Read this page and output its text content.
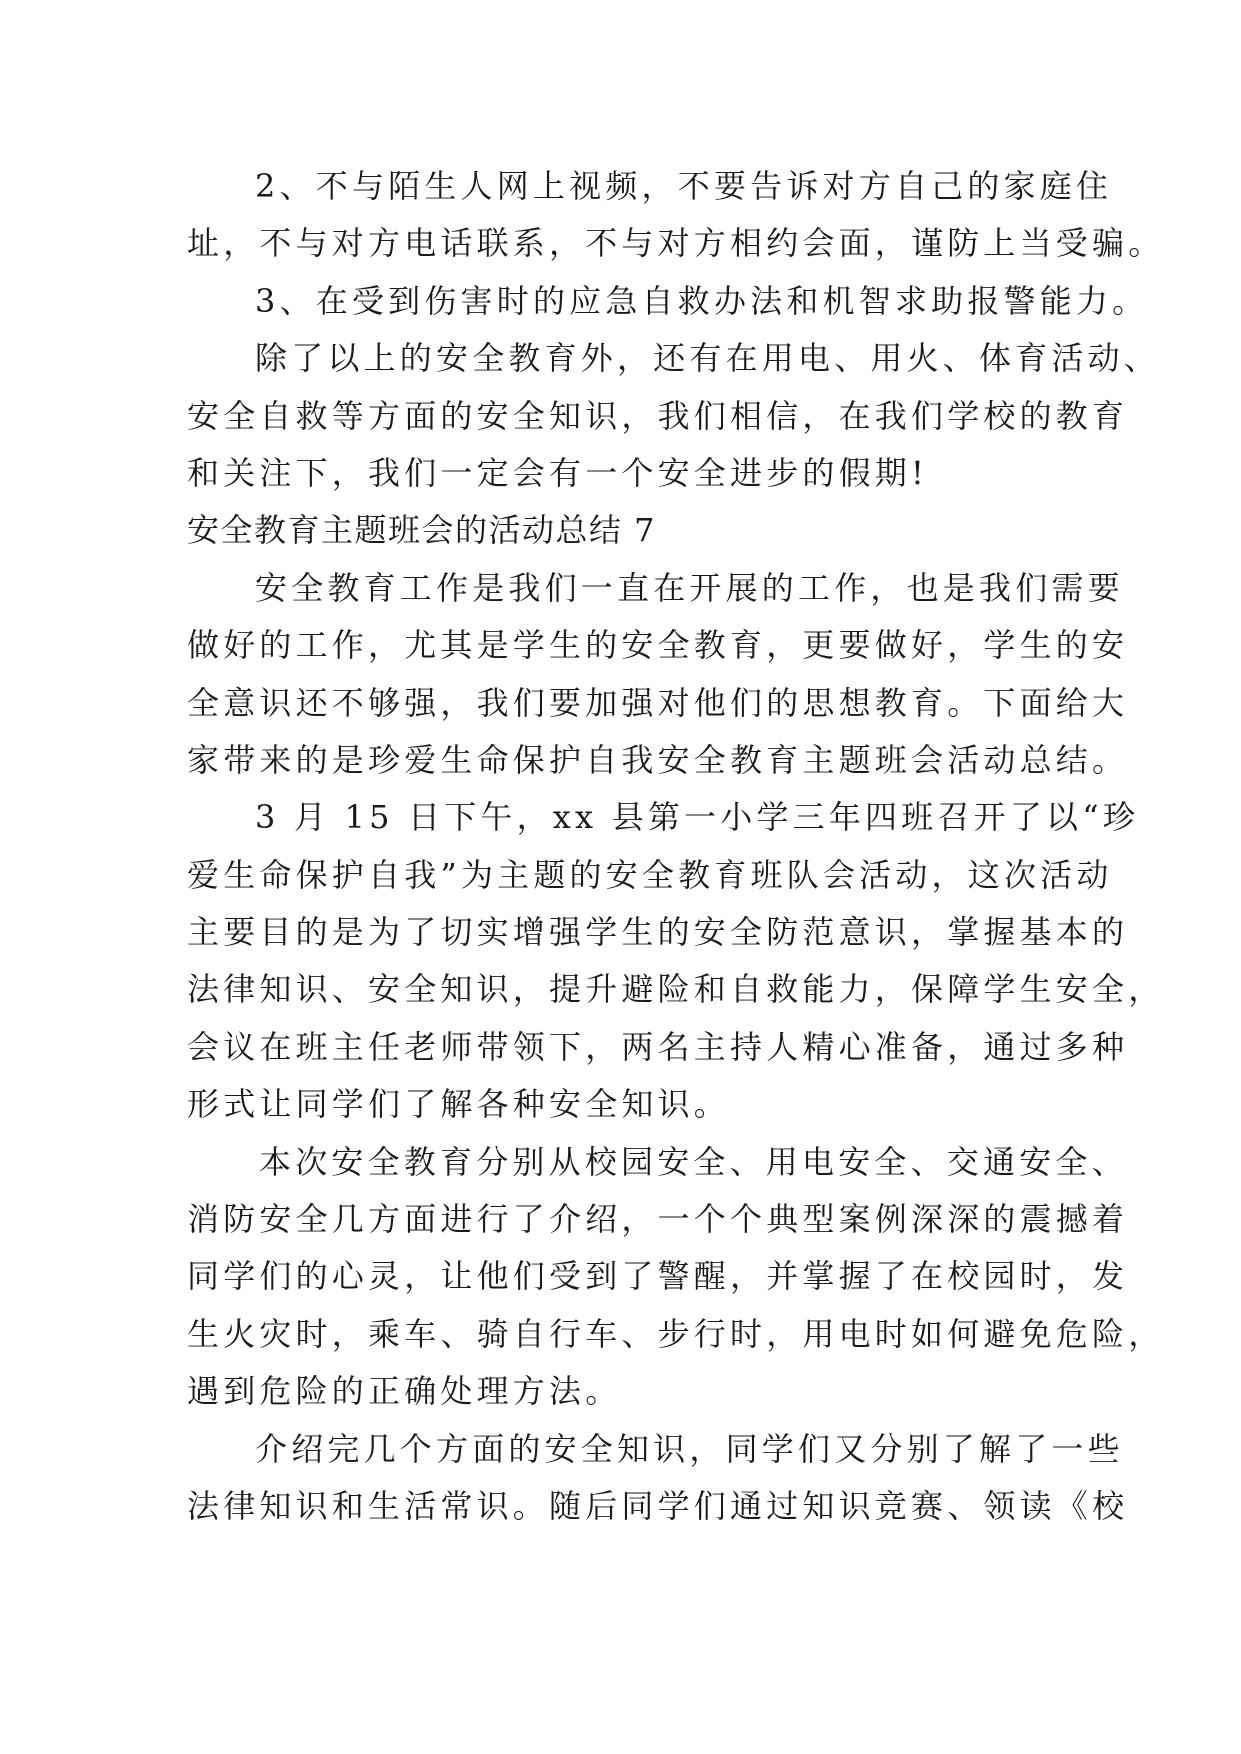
2、不与陌生人网上视频，不要告诉对方自己的家庭住
址，不与对方电话联系，不与对方相约会面，谨防上当受骗。
3、在受到伤害时的应急自救办法和机智求助报警能力。
除了以上的安全教育外，还有在用电、用火、体育活动、
安全自救等方面的安全知识，我们相信，在我们学校的教育
和关注下，我们一定会有一个安全进步的假期!
安全教育主题班会的活动总结 7
安全教育工作是我们一直在开展的工作，也是我们需要
做好的工作，尤其是学生的安全教育，更要做好，学生的安
全意识还不够强，我们要加强对他们的思想教育。下面给大
家带来的是珍爱生命保护自我安全教育主题班会活动总结。
3 月 15 日下午，xx 县第一小学三年四班召开了以“珍
爱生命保护自我”为主题的安全教育班队会活动，这次活动
主要目的是为了切实增强学生的安全防范意识，掌握基本的
法律知识、安全知识，提升避险和自救能力，保障学生安全，
会议在班主任老师带领下，两名主持人精心准备，通过多种
形式让同学们了解各种安全知识。
本次安全教育分别从校园安全、用电安全、交通安全、
消防安全几方面进行了介绍，一个个典型案例深深的震撼着
同学们的心灵，让他们受到了警醒，并掌握了在校园时，发
生火灾时，乘车、骑自行车、步行时，用电时如何避免危险，
遇到危险的正确处理方法。
介绍完几个方面的安全知识，同学们又分别了解了一些
法律知识和生活常识。随后同学们通过知识竞赛、领读《校
